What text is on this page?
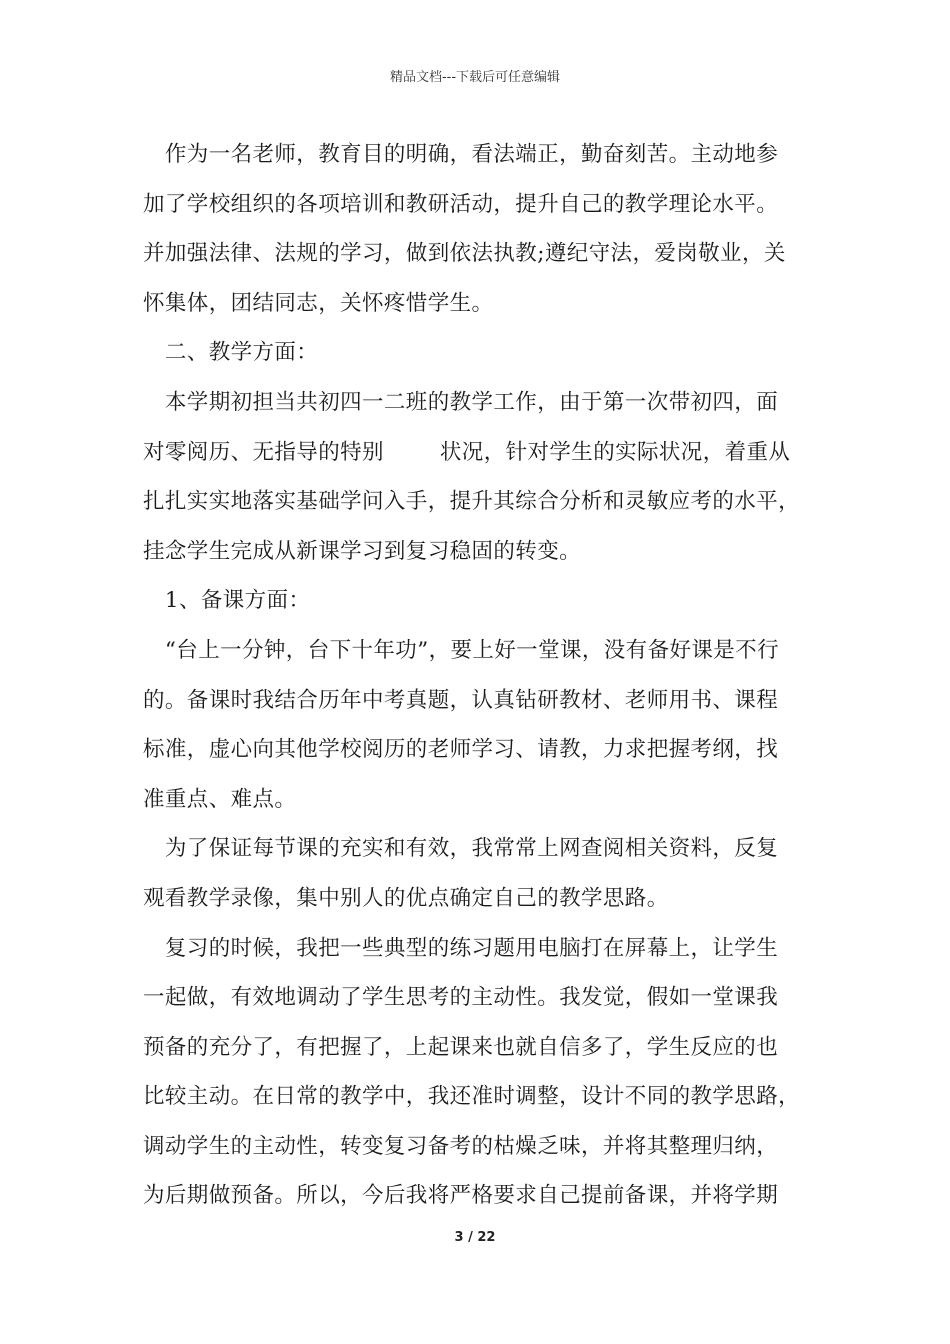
精品文档---下载后可任意编辑
　作为一名老师，教育目的明确，看法端正，勤奋刻苦。主动地参
加了学校组织的各项培训和教研活动，提升自己的教学理论水平。
并加强法律、法规的学习，做到依法执教;遵纪守法，爱岗敬业，关
怀集体，团结同志，关怀疼惜学生。
　二、教学方面：
　本学期初担当共初四一二班的教学工作，由于第一次带初四，面
对零阅历、无指导的特别	状况，针对学生的实际状况，着重从
扎扎实实地落实基础学问入手，提升其综合分析和灵敏应考的水平，
挂念学生完成从新课学习到复习稳固的转变。
　1、备课方面：
　“台上一分钟，台下十年功”，要上好一堂课，没有备好课是不行
的。备课时我结合历年中考真题，认真钻研教材、老师用书、课程
标准，虚心向其他学校阅历的老师学习、请教，力求把握考纲，找
准重点、难点。
　为了保证每节课的充实和有效，我常常上网查阅相关资料，反复
观看教学录像，集中别人的优点确定自己的教学思路。
　复习的时候，我把一些典型的练习题用电脑打在屏幕上，让学生
一起做，有效地调动了学生思考的主动性。我发觉，假如一堂课我
预备的充分了，有把握了，上起课来也就自信多了，学生反应的也
比较主动。在日常的教学中，我还准时调整，设计不同的教学思路，
调动学生的主动性，转变复习备考的枯燥乏味，并将其整理归纳，
为后期做预备。所以，今后我将严格要求自己提前备课，并将学期
3 / 22
